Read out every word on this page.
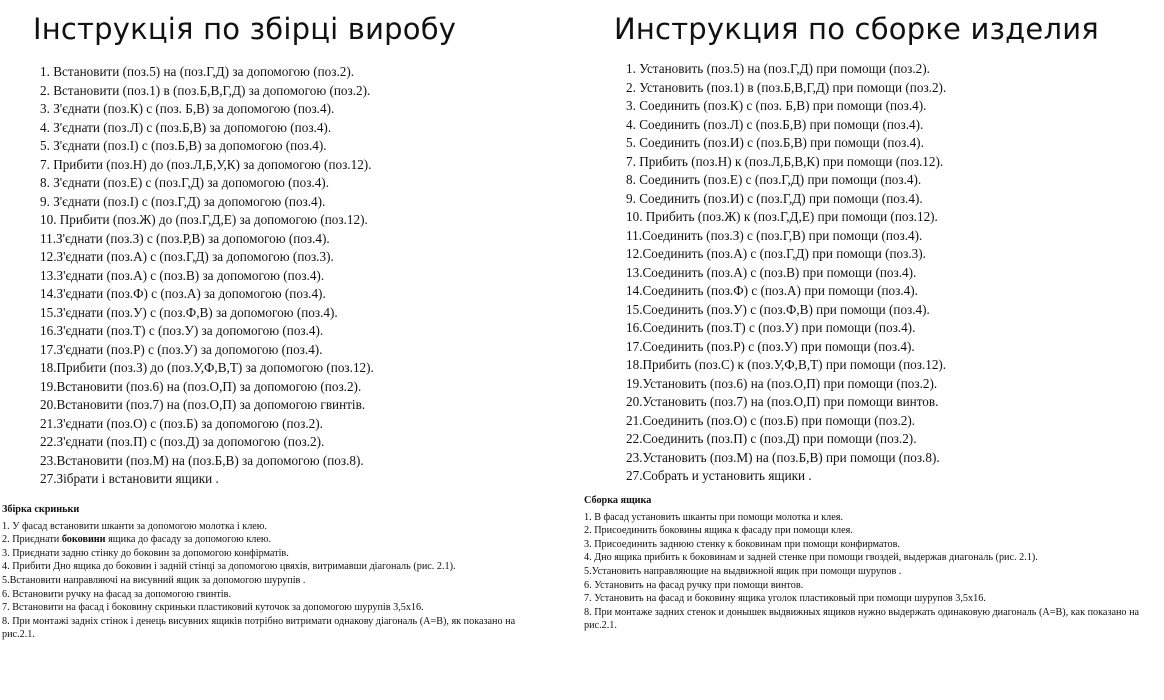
Інструкція по збірці виробу
1. Встановити (поз.5) на (поз.Г,Д) за допомогою (поз.2).
2. Встановити (поз.1) в (поз.Б,В,Г,Д) за допомогою (поз.2).
3. З'єднати (поз.К) с (поз. Б,В) за допомогою (поз.4).
4. З'єднати (поз.Л) с (поз.Б,В) за допомогою (поз.4).
5. З'єднати (поз.І) с (поз.Б,В) за допомогою (поз.4).
7. Прибити (поз.Н) до (поз.Л,Б,У,К) за допомогою (поз.12).
8. З'єднати (поз.Е) с (поз.Г,Д) за допомогою (поз.4).
9. З'єднати (поз.І) с (поз.Г,Д) за допомогою (поз.4).
10. Прибити (поз.Ж) до (поз.Г,Д,Е) за допомогою (поз.12).
11.З'єднати (поз.З) с (поз.Р,В) за допомогою (поз.4).
12.З'єднати (поз.А) с (поз.Г,Д) за допомогою (поз.3).
13.З'єднати (поз.А) с (поз.В) за допомогою (поз.4).
14.З'єднати (поз.Ф) с (поз.А) за допомогою (поз.4).
15.З'єднати (поз.У) с (поз.Ф,В) за допомогою (поз.4).
16.З'єднати (поз.Т) с (поз.У) за допомогою (поз.4).
17.З'єднати (поз.Р) с (поз.У) за допомогою (поз.4).
18.Прибити (поз.З) до (поз.У,Ф,В,Т) за допомогою (поз.12).
19.Встановити (поз.6) на (поз.О,П) за допомогою (поз.2).
20.Встановити (поз.7) на (поз.О,П) за допомогою гвинтів.
21.З'єднати (поз.О) с (поз.Б) за допомогою (поз.2).
22.З'єднати (поз.П) с (поз.Д) за допомогою (поз.2).
23.Встановити (поз.М) на (поз.Б,В) за допомогою (поз.8).
27.Зібрати і встановити ящики .
Збірка скриньки
1. У фасад встановити шканти за допомогою молотка і клею.
2. Приєднати боковини ящика до фасаду за допомогою клею.
3. Приєднати задню стінку до боковин за допомогою конфірматів.
4. Прибити Дно ящика до боковин і задній стінці за допомогою цвяхів, витримавши діагональ (рис. 2.1).
5.Встановити направляючі на висувний ящик за допомогою шурупів .
6. Встановити ручку на фасад за допомогою гвинтів.
7. Встановити на фасад і боковину скриньки пластиковий куточок за допомогою шурупів 3,5х16.
8. При монтажі задніх стінок і денець висувних ящиків потрібно витримати однакову діагональ (А=В), як показано на рис.2.1.
Инструкция по сборке изделия
1. Установить (поз.5) на (поз.Г,Д) при помощи (поз.2).
2. Установить (поз.1) в (поз.Б,В,Г,Д) при помощи (поз.2).
3. Соединить (поз.К) с (поз. Б,В) при помощи (поз.4).
4. Соединить (поз.Л) с (поз.Б,В) при помощи (поз.4).
5. Соединить (поз.И) с (поз.Б,В) при помощи (поз.4).
7. Прибить (поз.Н) к (поз.Л,Б,В,К) при помощи (поз.12).
8. Соединить (поз.Е) с (поз.Г,Д) при помощи (поз.4).
9. Соединить (поз.И) с (поз.Г,Д) при помощи (поз.4).
10. Прибить (поз.Ж) к (поз.Г,Д,Е) при помощи (поз.12).
11.Соединить (поз.З) с (поз.Г,В) при помощи (поз.4).
12.Соединить (поз.А) с (поз.Г,Д) при помощи (поз.3).
13.Соединить (поз.А) с (поз.В) при помощи (поз.4).
14.Соединить (поз.Ф) с (поз.А) при помощи (поз.4).
15.Соединить (поз.У) с (поз.Ф,В) при помощи (поз.4).
16.Соединить (поз.Т) с (поз.У) при помощи (поз.4).
17.Соединить (поз.Р) с (поз.У) при помощи (поз.4).
18.Прибить (поз.С) к (поз.У,Ф,В,Т) при помощи (поз.12).
19.Установить (поз.6) на (поз.О,П) при помощи (поз.2).
20.Установить (поз.7) на (поз.О,П) при помощи винтов.
21.Соединить (поз.О) с (поз.Б) при помощи (поз.2).
22.Соединить (поз.П) с (поз.Д) при помощи (поз.2).
23.Установить (поз.М) на (поз.Б,В) при помощи (поз.8).
27.Собрать и установить ящики .
Сборка ящика
1. В фасад установить шканты при помощи молотка и клея.
2. Присоединить боковины ящика к фасаду при помощи клея.
3. Присоединить заднюю стенку к боковинам при помощи конфирматов.
4. Дно ящика прибить к боковинам и задней стенке при помощи гвоздей, выдержав диагональ (рис. 2.1).
5.Установить направляющие на выдвижной ящик при помощи шурупов .
6. Установить на фасад ручку при помощи винтов.
7. Установить на фасад и боковину ящика уголок пластиковый при помощи шурупов 3,5х16.
8. При монтаже задних стенок и донышек выдвижных ящиков нужно выдержать одинаковую диагональ (А=В), как показано на рис.2.1.
